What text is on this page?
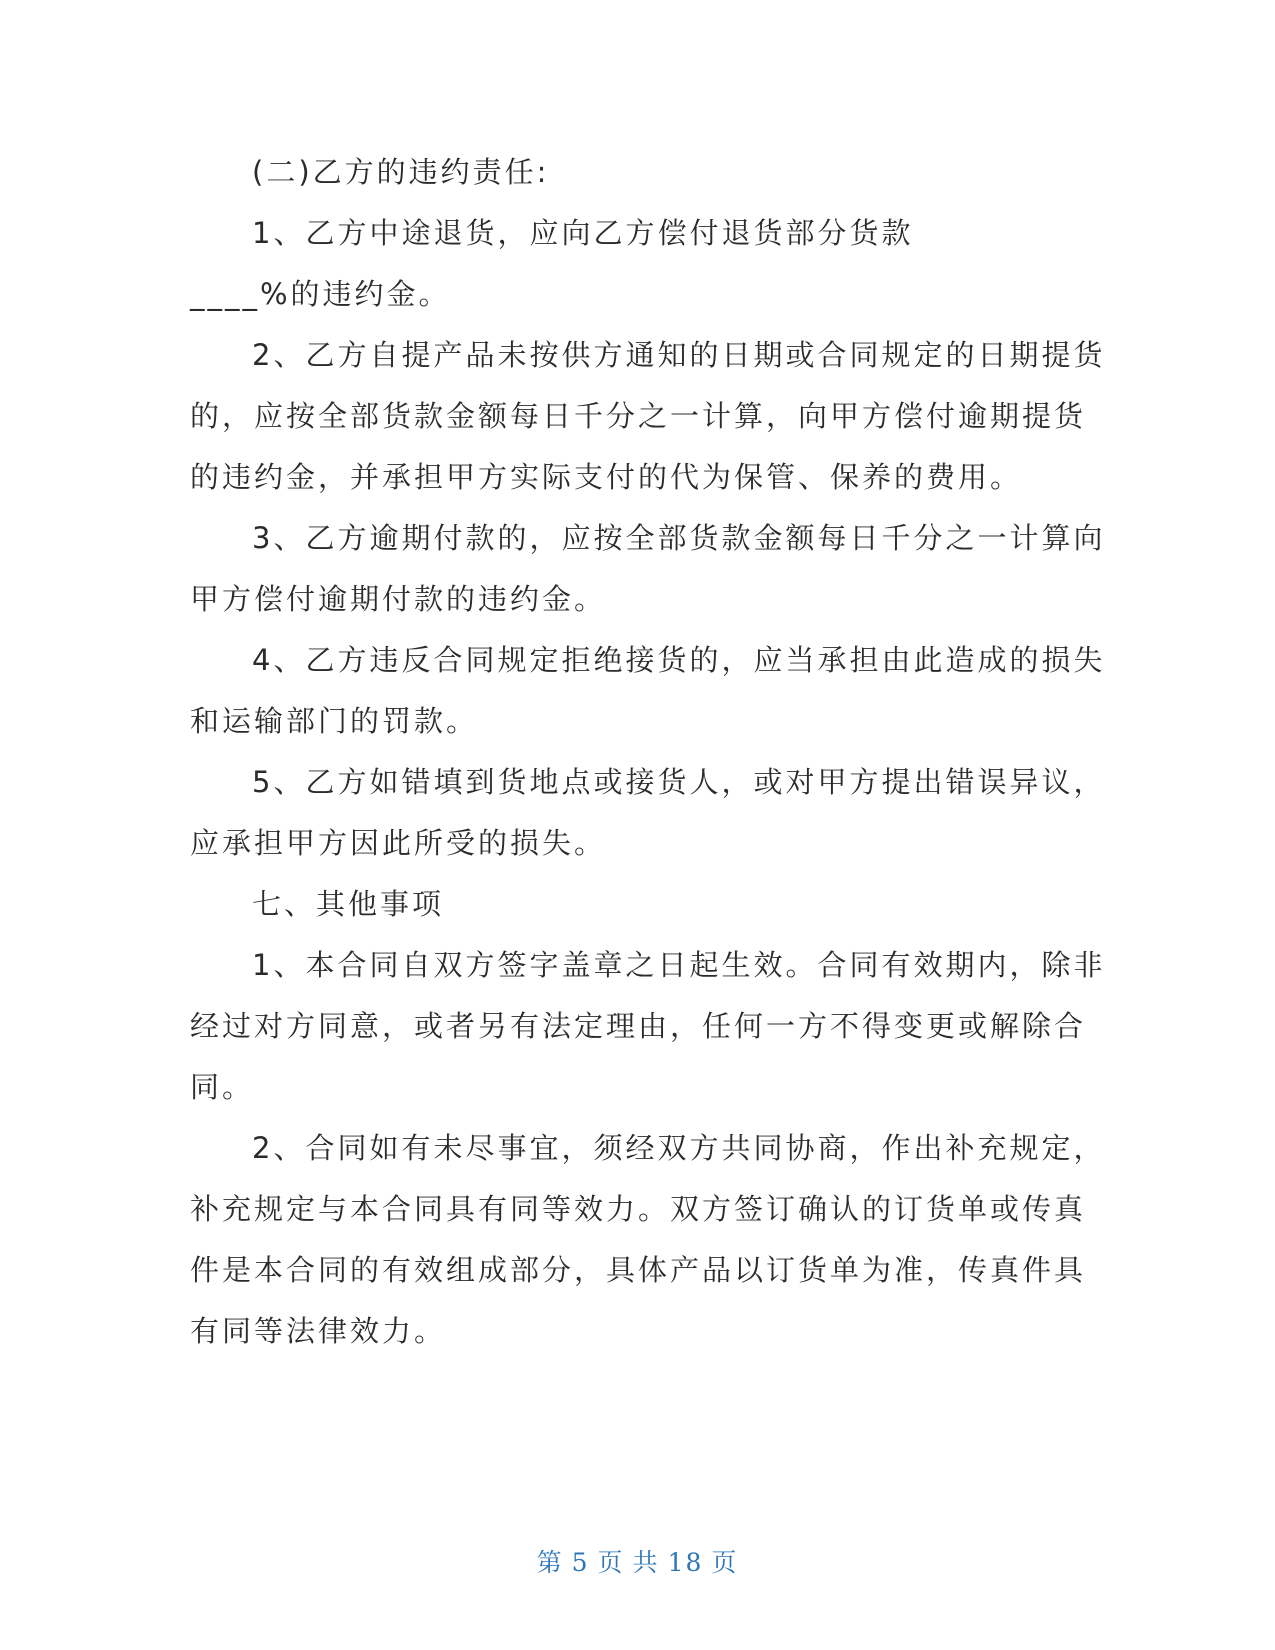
(二)乙方的违约责任:
1、乙方中途退货，应向乙方偿付退货部分货款
____%的违约金。
2、乙方自提产品未按供方通知的日期或合同规定的日期提货
的，应按全部货款金额每日千分之一计算，向甲方偿付逾期提货
的违约金，并承担甲方实际支付的代为保管、保养的费用。
3、乙方逾期付款的，应按全部货款金额每日千分之一计算向
甲方偿付逾期付款的违约金。
4、乙方违反合同规定拒绝接货的，应当承担由此造成的损失
和运输部门的罚款。
5、乙方如错填到货地点或接货人，或对甲方提出错误异议，
应承担甲方因此所受的损失。
七、其他事项
1、本合同自双方签字盖章之日起生效。合同有效期内，除非
经过对方同意，或者另有法定理由，任何一方不得变更或解除合
同。
2、合同如有未尽事宜，须经双方共同协商，作出补充规定，
补充规定与本合同具有同等效力。双方签订确认的订货单或传真
件是本合同的有效组成部分，具体产品以订货单为准，传真件具
有同等法律效力。
第 5 页 共 18 页
